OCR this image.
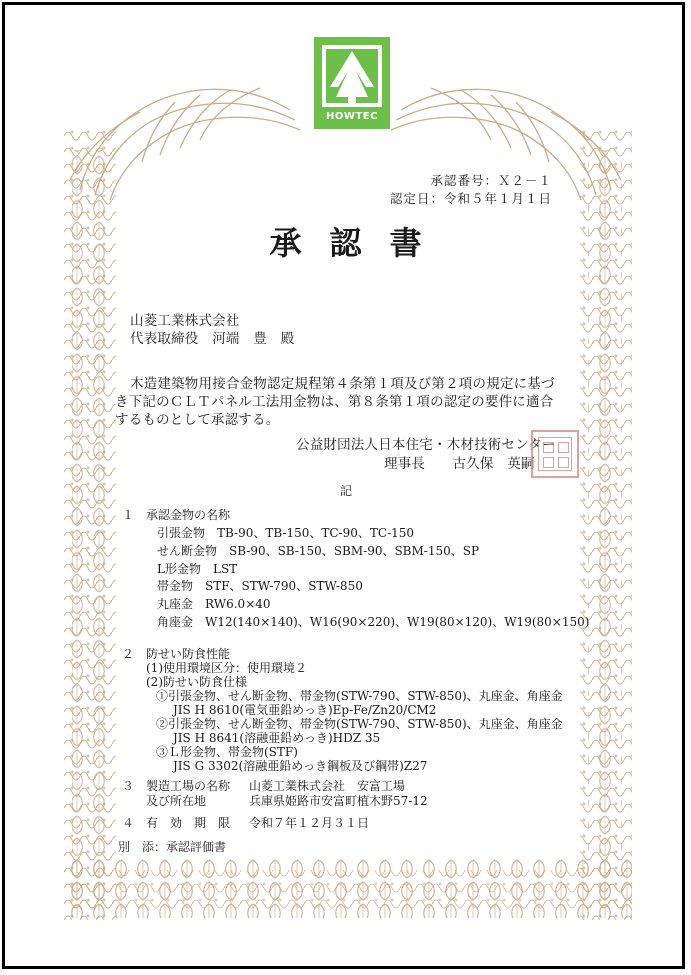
HOWTEC
承認番号：Ｘ２－１
認定日：令和５年１月１日
承認書
山菱工業株式会社
代表取締役　河端　豊　殿
木造建築物用接合金物認定規程第４条第１項及び第２項の規定に基づ
き下記のＣＬＴパネル工法用金物は、第８条第１項の認定の要件に適合
するものとして承認する。
公益財団法人日本住宅・木材技術センター
理事長　　古久保　英嗣
記
１ 承認金物の名称
引張金物　TB-90、TB-150、TC-90、TC-150
せん断金物　SB-90、SB-150、SBM-90、SBM-150、SP
L形金物　LST
帯金物　STF、STW-790、STW-850
丸座金　RW6.0×40
角座金　W12(140×140)、W16(90×220)、W19(80×120)、W19(80×150)
２ 防せい防食性能
(1)使用環境区分：使用環境２
(2)防せい防食仕様
①引張金物、せん断金物、帯金物(STW-790、STW-850)、丸座金、角座金
JIS H 8610(電気亜鉛めっき)Ep-Fe/Zn20/CM2
②引張金物、せん断金物、帯金物(STW-790、STW-850)、丸座金、角座金
JIS H 8641(溶融亜鉛めっき)HDZ 35
③Ｌ形金物、帯金物(STF)
JIS G 3302(溶融亜鉛めっき鋼板及び鋼帯)Z27
３ 製造工場の名称
及び所在地
山菱工業株式会社　安富工場
兵庫県姫路市安富町植木野57-12
４ 有　効　期　限 令和７年１２月３１日
別　添：承認評価書
